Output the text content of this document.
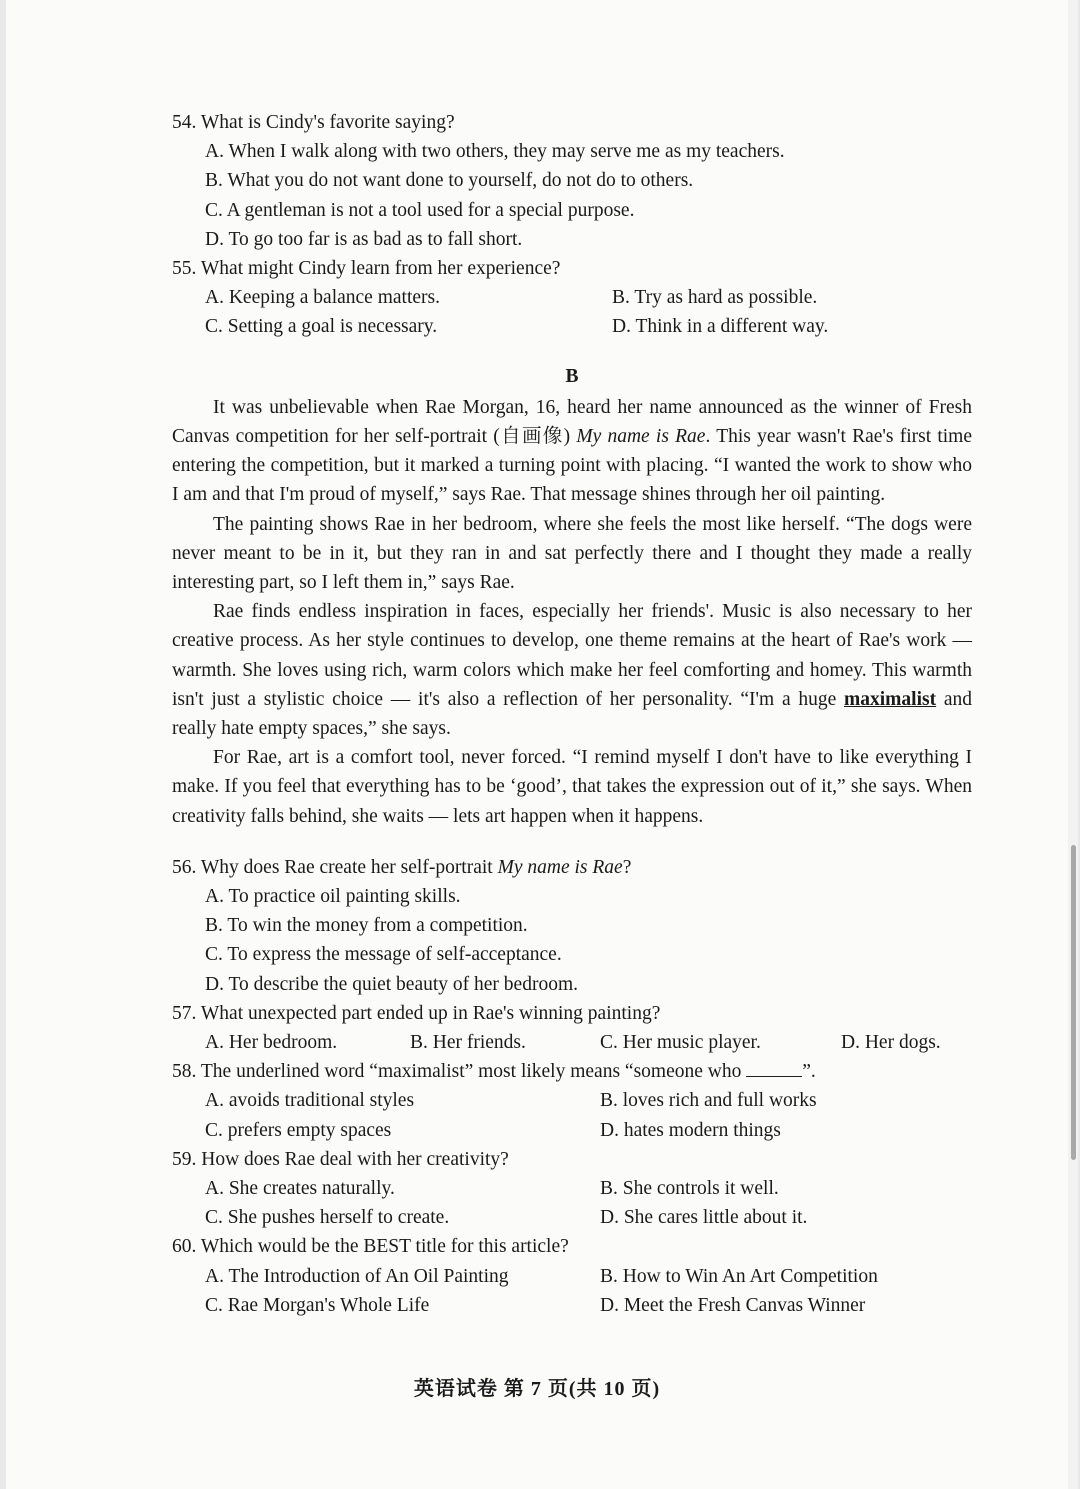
54. What is Cindy's favorite saying?

A. When I walk along with two others, they may serve me as my teachers.

B. What you do not want done to yourself, do not do to others.

C. A gentleman is not a tool used for a special purpose.

D. To go too far is as bad as to fall short.

55. What might Cindy learn from her experience?

A. Keeping a balance matters.	B. Try as hard as possible.
C. Setting a goal is necessary.	D. Think in a different way.

B

It was unbelievable when Rae Morgan, 16, heard her name announced as the winner of Fresh Canvas competition for her self-portrait (自画像) My name is Rae. This year wasn't Rae's first time entering the competition, but it marked a turning point with placing. “I wanted the work to show who I am and that I'm proud of myself,” says Rae. That message shines through her oil painting.

The painting shows Rae in her bedroom, where she feels the most like herself. “The dogs were never meant to be in it, but they ran in and sat perfectly there and I thought they made a really interesting part, so I left them in,” says Rae.

Rae finds endless inspiration in faces, especially her friends'. Music is also necessary to her creative process. As her style continues to develop, one theme remains at the heart of Rae's work — warmth. She loves using rich, warm colors which make her feel comforting and homey. This warmth isn't just a stylistic choice — it's also a reflection of her personality. “I'm a huge maximalist and really hate empty spaces,” she says.

For Rae, art is a comfort tool, never forced. “I remind myself I don't have to like everything I make. If you feel that everything has to be ‘good’, that takes the expression out of it,” she says. When creativity falls behind, she waits — lets art happen when it happens.

56. Why does Rae create her self-portrait My name is Rae?

A. To practice oil painting skills.

B. To win the money from a competition.

C. To express the message of self-acceptance.

D. To describe the quiet beauty of her bedroom.

57. What unexpected part ended up in Rae's winning painting?

A. Her bedroom.	B. Her friends.	C. Her music player.	D. Her dogs.

58. The underlined word “maximalist” most likely means “someone who	”.

A. avoids traditional styles	B. loves rich and full works
C. prefers empty spaces	D. hates modern things

59. How does Rae deal with her creativity?

A. She creates naturally.	B. She controls it well.
C. She pushes herself to create.	D. She cares little about it.

60. Which would be the BEST title for this article?

A. The Introduction of An Oil Painting	B. How to Win An Art Competition
C. Rae Morgan's Whole Life	D. Meet the Fresh Canvas Winner
英语试卷 第 7 页(共 10 页)
